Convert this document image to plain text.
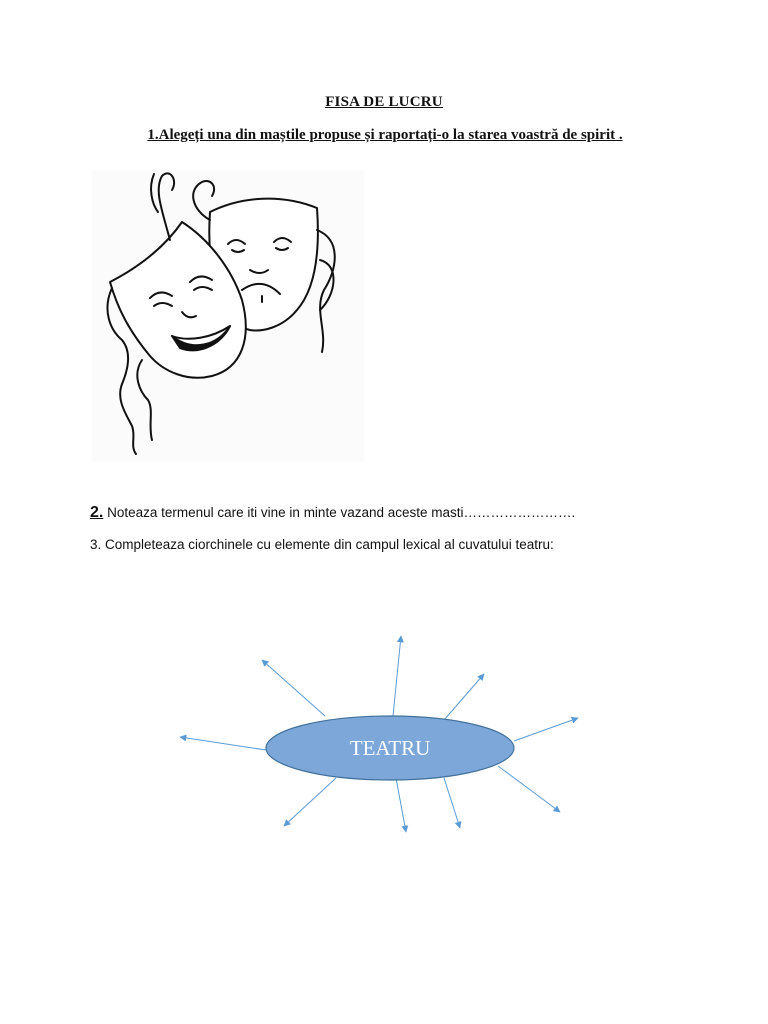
FISA DE LUCRU
1.Alegeți una din maștile propuse și raportați-o la starea voastră de spirit .
2. Noteaza termenul care iti vine in minte vazand aceste masti…………………….
3. Completeaza ciorchinele cu elemente din campul lexical al cuvatului teatru:
TEATRU
